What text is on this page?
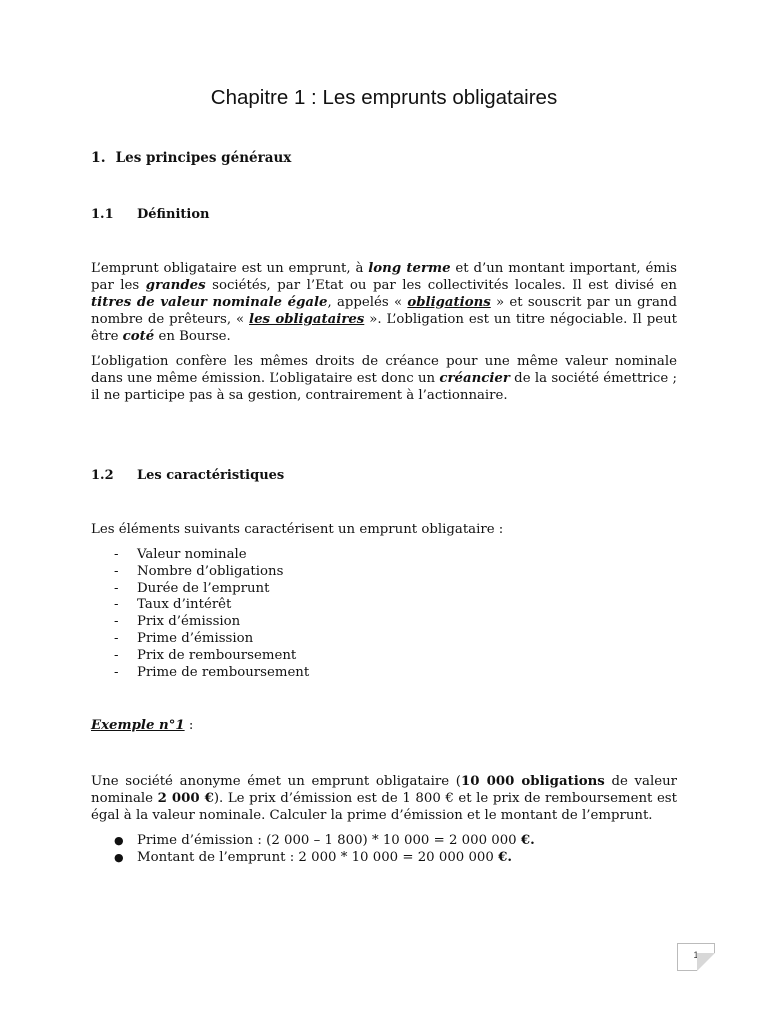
Chapitre 1 : Les emprunts obligataires
1. Les principes généraux
1.1 Définition

L’emprunt obligataire est un emprunt, à long terme et d’un montant important, émis par les grandes sociétés, par l’Etat ou par les collectivités locales. Il est divisé en titres de valeur nominale égale, appelés « obligations » et souscrit par un grand nombre de prêteurs, « les obligataires ». L’obligation est un titre négociable. Il peut être coté en Bourse.

L’obligation confère les mêmes droits de créance pour une même valeur nominale dans une même émission. L’obligataire est donc un créancier de la société émettrice ; il ne participe pas à sa gestion, contrairement à l’actionnaire.

1.2 Les caractéristiques
Les éléments suivants caractérisent un emprunt obligataire :
- Valeur nominale
- Nombre d’obligations
- Durée de l’emprunt
- Taux d’intérêt
- Prix d’émission
- Prime d’émission
- Prix de remboursement
- Prime de remboursement
Exemple n°1 :

Une société anonyme émet un emprunt obligataire (10 000 obligations de valeur nominale 2 000 €). Le prix d’émission est de 1 800 € et le prix de remboursement est égal à la valeur nominale. Calculer la prime d’émission et le montant de l’emprunt.

● Prime d’émission : (2 000 – 1 800) * 10 000 = 2 000 000 €.
● Montant de l’emprunt : 2 000 * 10 000 = 20 000 000 €.
1
